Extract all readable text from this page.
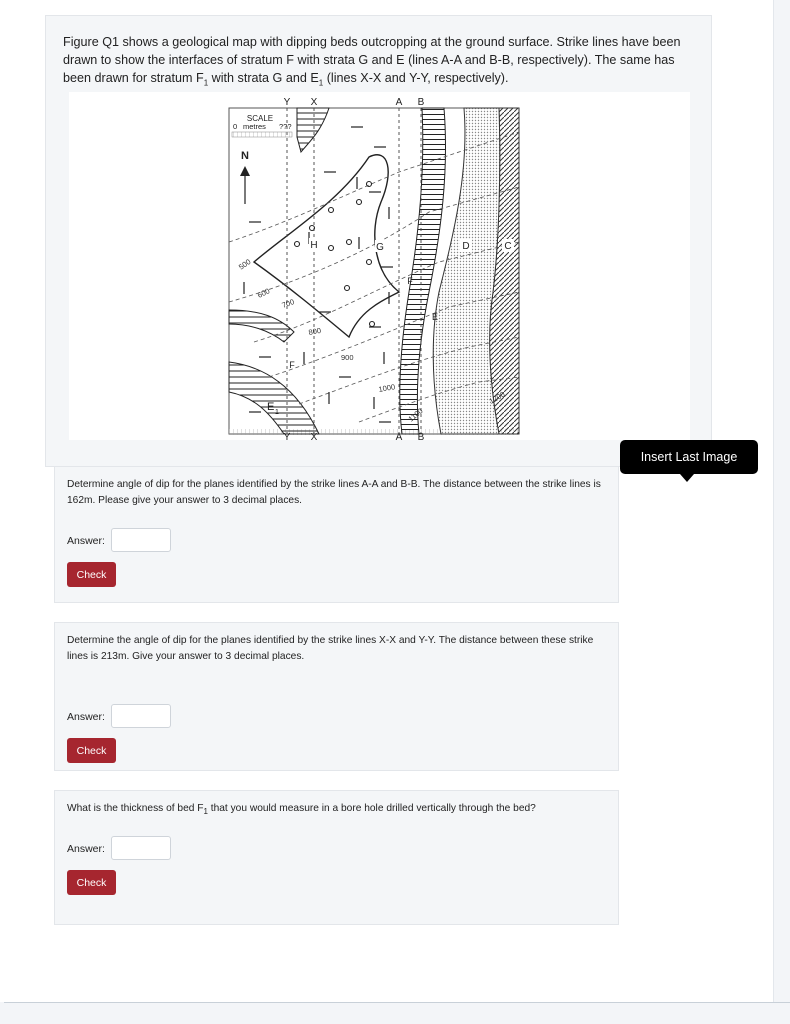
Figure Q1 shows a geological map with dipping beds outcropping at the ground surface. Strike lines have been drawn to show the interfaces of stratum F with strata G and E (lines A-A and B-B, respectively). The same has been drawn for stratum $F_1$ with strata G and $E_1$ (lines X-X and Y-Y, respectively).
N
SCALE
0 metres ???
Y X	A B
Y X	A B
H	G
F
F
E
D	C
E 1
500
600
700
800
900
1000
1100
1200
Determine angle of dip for the planes identified by the strike lines A-A and B-B. The distance between the strike lines is 162m. Please give your answer to 3 decimal places.
Answer:
Check
Determine the angle of dip for the planes identified by the strike lines X-X and Y-Y. The distance between these strike lines is 213m. Give your answer to 3 decimal places.
Answer:
Check
What is the thickness of bed $F_1$ that you would measure in a bore hole drilled vertically through the bed?
Answer:
Check
Insert Last Image
